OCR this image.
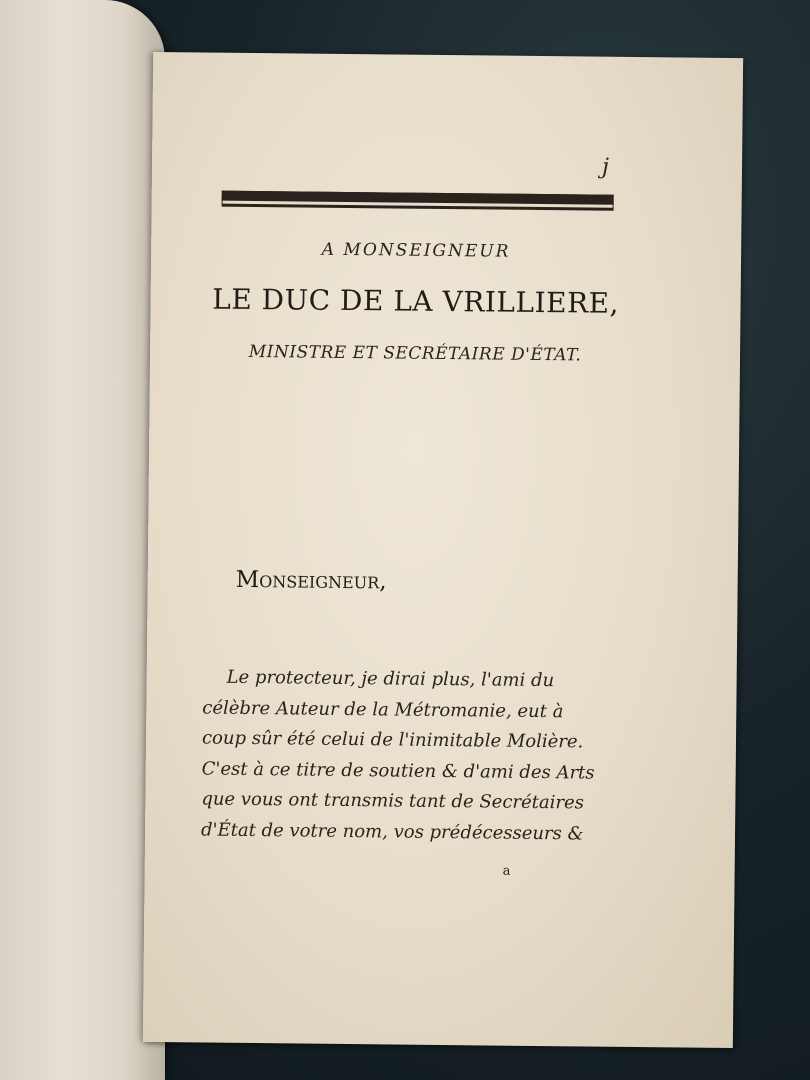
j
A MONSEIGNEUR
LE DUC DE LA VRILLIERE,
MINISTRE ET SECRÉTAIRE D'ÉTAT.
Monseigneur,
Le protecteur, je dirai plus, l'ami du
célèbre Auteur de la Métromanie, eut à
coup sûr été celui de l'inimitable Molière.
C'est à ce titre de soutien & d'ami des Arts
que vous ont transmis tant de Secrétaires
d'État de votre nom, vos prédécesseurs &
a
